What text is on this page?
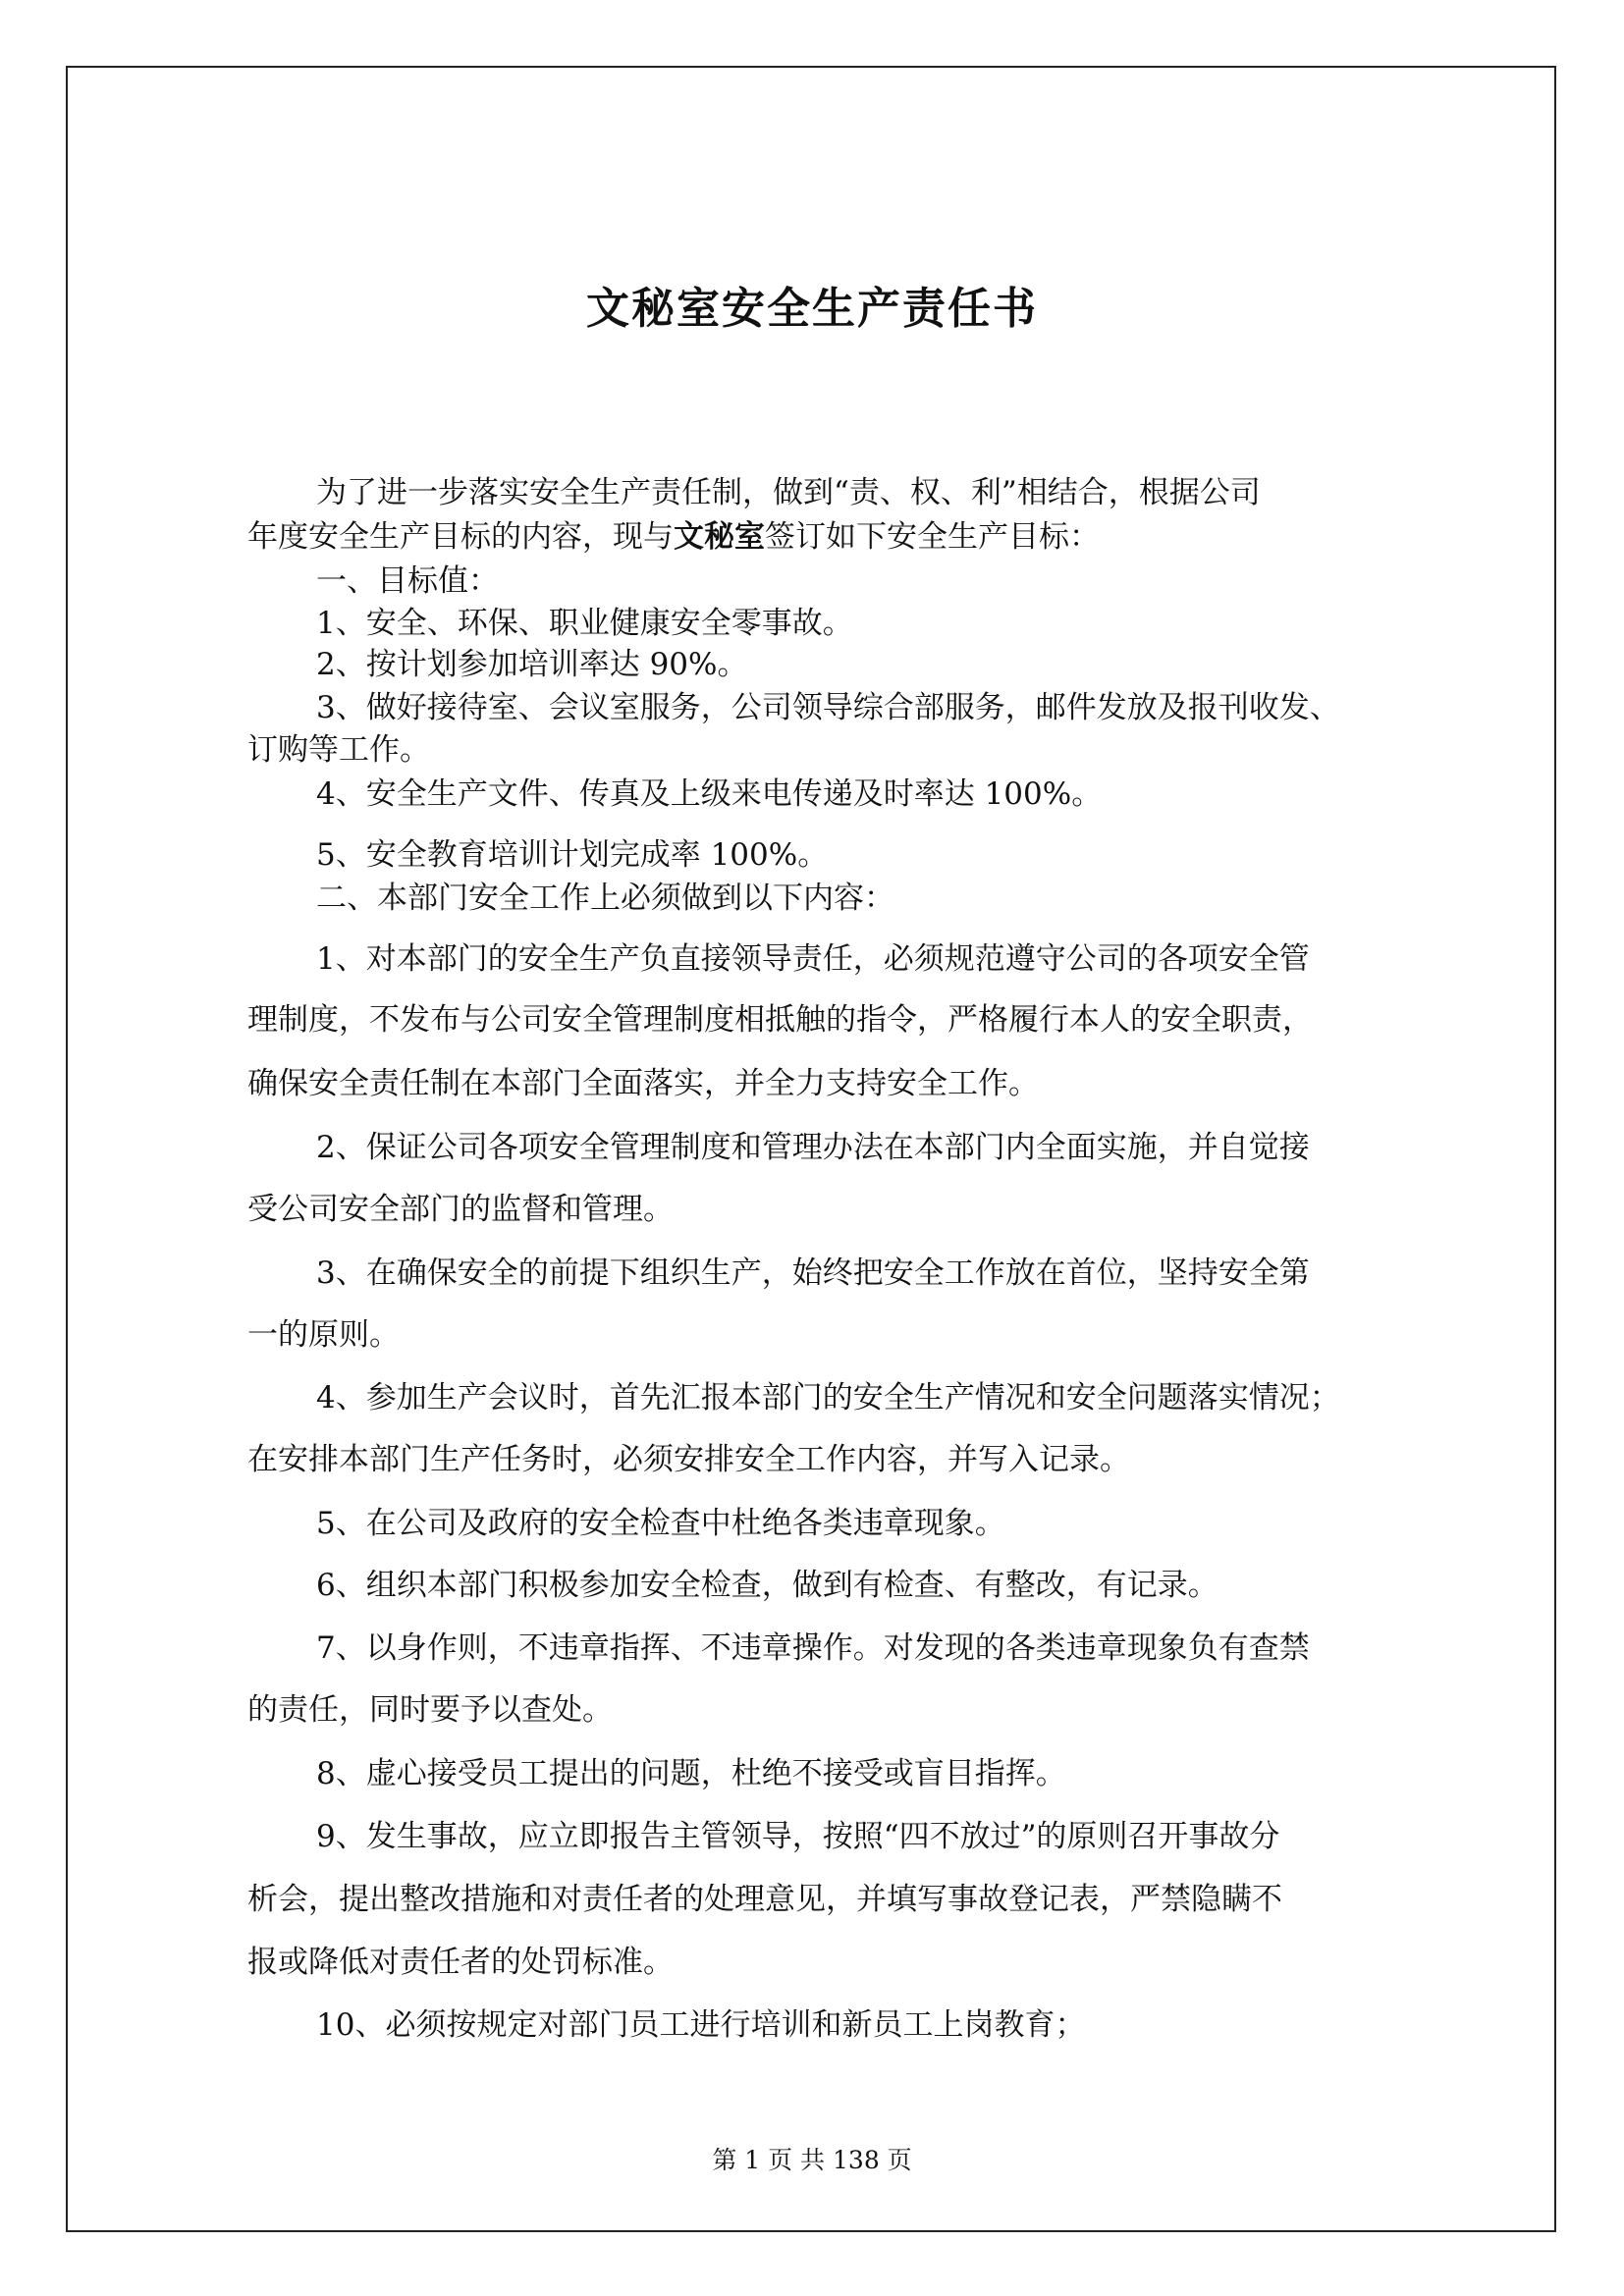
文秘室安全生产责任书
为了进一步落实安全生产责任制，做到“责、权、利”相结合，根据公司
年度安全生产目标的内容，现与文秘室签订如下安全生产目标：
一、目标值：
1、安全、环保、职业健康安全零事故。
2、按计划参加培训率达 90%。
3、做好接待室、会议室服务，公司领导综合部服务，邮件发放及报刊收发、
订购等工作。
4、安全生产文件、传真及上级来电传递及时率达 100%。
5、安全教育培训计划完成率 100%。
二、本部门安全工作上必须做到以下内容：
1、对本部门的安全生产负直接领导责任，必须规范遵守公司的各项安全管
理制度，不发布与公司安全管理制度相抵触的指令，严格履行本人的安全职责，
确保安全责任制在本部门全面落实，并全力支持安全工作。
2、保证公司各项安全管理制度和管理办法在本部门内全面实施，并自觉接
受公司安全部门的监督和管理。
3、在确保安全的前提下组织生产，始终把安全工作放在首位，坚持安全第
一的原则。
4、参加生产会议时，首先汇报本部门的安全生产情况和安全问题落实情况；
在安排本部门生产任务时，必须安排安全工作内容，并写入记录。
5、在公司及政府的安全检查中杜绝各类违章现象。
6、组织本部门积极参加安全检查，做到有检查、有整改，有记录。
7、以身作则，不违章指挥、不违章操作。对发现的各类违章现象负有查禁
的责任，同时要予以查处。
8、虚心接受员工提出的问题，杜绝不接受或盲目指挥。
9、发生事故，应立即报告主管领导，按照“四不放过”的原则召开事故分
析会，提出整改措施和对责任者的处理意见，并填写事故登记表，严禁隐瞒不
报或降低对责任者的处罚标准。
10、必须按规定对部门员工进行培训和新员工上岗教育；
第 1 页 共 138 页
